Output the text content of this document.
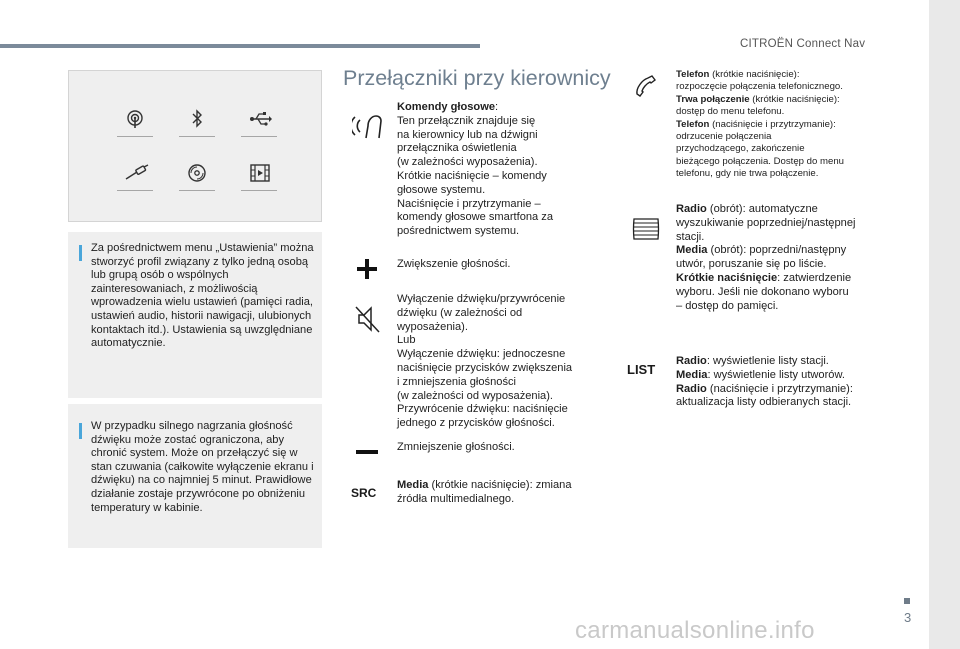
CITROËN Connect Nav
3
carmanualsonline.info

Za pośrednictwem menu „Ustawienia” można stworzyć profil związany z tylko jedną osobą lub grupą osób o wspólnych zainteresowaniach, z możliwością wprowadzenia wielu ustawień (pamięci radia, ustawień audio, historii nawigacji, ulubionych kontaktach itd.). Ustawienia są uwzględniane automatycznie.

W przypadku silnego nagrzania głośność dźwięku może zostać ograniczona, aby chronić system. Może on przełączyć się w stan czuwania (całkowite wyłączenie ekranu i dźwięku) na co najmniej 5 minut. Prawidłowe działanie zostaje przywrócone po obniżeniu temperatury w kabinie.

Przełączniki przy kierownicy
Komendy głosowe:
Ten przełącznik znajduje się
na kierownicy lub na dźwigni
przełącznika oświetlenia
(w zależności wyposażenia).
Krótkie naciśnięcie – komendy
głosowe systemu.
Naciśnięcie i przytrzymanie –
komendy głosowe smartfona za
pośrednictwem systemu.
Zwiększenie głośności.
Wyłączenie dźwięku/przywrócenie
dźwięku (w zależności od
wyposażenia).
Lub
Wyłączenie dźwięku: jednoczesne
naciśnięcie przycisków zwiększenia
i zmniejszenia głośności
(w zależności od wyposażenia).
Przywrócenie dźwięku: naciśnięcie
jednego z przycisków głośności.
Zmniejszenie głośności.
SRC
Media (krótkie naciśnięcie): zmiana
źródła multimedialnego.
Telefon (krótkie naciśnięcie):
rozpoczęcie połączenia telefonicznego.
Trwa połączenie (krótkie naciśnięcie):
dostęp do menu telefonu.
Telefon (naciśnięcie i przytrzymanie):
odrzucenie połączenia
przychodzącego, zakończenie
bieżącego połączenia. Dostęp do menu
telefonu, gdy nie trwa połączenie.
Radio (obrót): automatyczne
wyszukiwanie poprzedniej/następnej
stacji.
Media (obrót): poprzedni/następny
utwór, poruszanie się po liście.
Krótkie naciśnięcie: zatwierdzenie
wyboru. Jeśli nie dokonano wyboru
– dostęp do pamięci.
LIST
Radio: wyświetlenie listy stacji.
Media: wyświetlenie listy utworów.
Radio (naciśnięcie i przytrzymanie):
aktualizacja listy odbieranych stacji.
